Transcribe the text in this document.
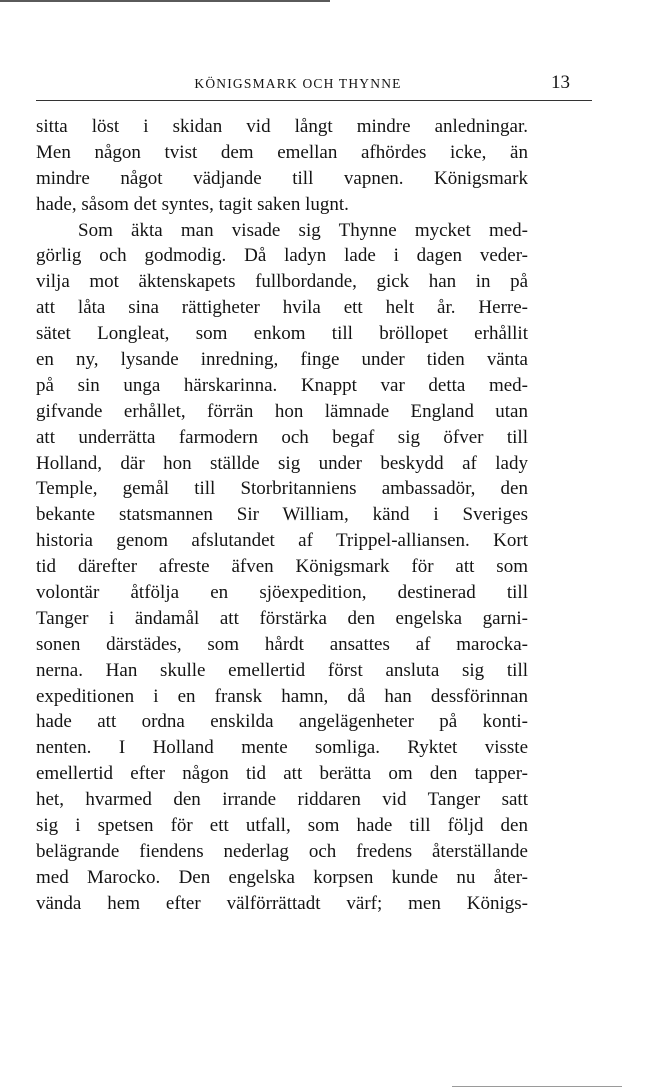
KÖNIGSMARK OCH THYNNE	13
sitta löst i skidan vid långt mindre anledningar.
Men någon tvist dem emellan afhördes icke, än
mindre något vädjande till vapnen. Königsmark
hade, såsom det syntes, tagit saken lugnt.
Som äkta man visade sig Thynne mycket med-
görlig och godmodig. Då ladyn lade i dagen veder-
vilja mot äktenskapets fullbordande, gick han in på
att låta sina rättigheter hvila ett helt år. Herre-
sätet Longleat, som enkom till bröllopet erhållit
en ny, lysande inredning, finge under tiden vänta
på sin unga härskarinna. Knappt var detta med-
gifvande erhållet, förrän hon lämnade England utan
att underrätta farmodern och begaf sig öfver till
Holland, där hon ställde sig under beskydd af lady
Temple, gemål till Storbritanniens ambassadör, den
bekante statsmannen Sir William, känd i Sveriges
historia genom afslutandet af Trippel-alliansen. Kort
tid därefter afreste äfven Königsmark för att som
volontär åtfölja en sjöexpedition, destinerad till
Tanger i ändamål att förstärka den engelska garni-
sonen därstädes, som hårdt ansattes af marocka-
nerna. Han skulle emellertid först ansluta sig till
expeditionen i en fransk hamn, då han dessförinnan
hade att ordna enskilda angelägenheter på konti-
nenten. I Holland mente somliga. Ryktet visste
emellertid efter någon tid att berätta om den tapper-
het, hvarmed den irrande riddaren vid Tanger satt
sig i spetsen för ett utfall, som hade till följd den
belägrande fiendens nederlag och fredens återställande
med Marocko. Den engelska korpsen kunde nu åter-
vända hem efter välförrättadt värf; men Königs-
